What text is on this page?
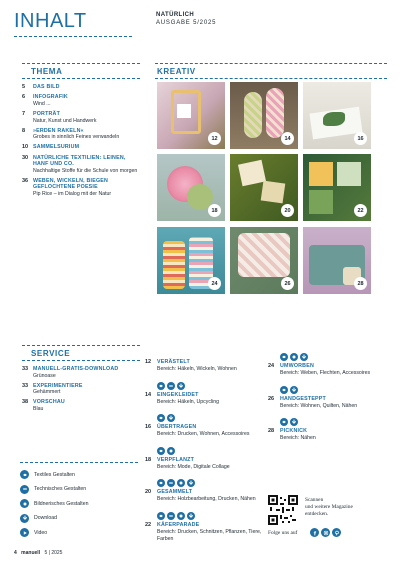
INHALT	NATÜRLICH
AUSGABE 5/2025
THEMA
5	DAS BILD
6	INFOGRAFIK
Wind ...
7	PORTRÄT
Natur, Kunst und Handwerk
8	»ERDEN RAKELN«
Grobes in sinnlich Feines verwandeln
10 SAMMELSURIUM
30 NATÜRLICHE TEXTILIEN: LEINEN, HANF UND CO.
Nachhaltige Stoffe für die Schule von morgen
36 WEBEN, WICKELN, BIEGEN GEFLOCHTENE POESIE
Pip Rice – im Dialog mit der Natur
SERVICE
33 MANUELL-GRATIS-DOWNLOAD
Grünoase
33 EXPERIMENTIERE
Gehämmert
38 VORSCHAU
Blau
KREATIV
12	14	16
18	20	22
24	26	28
12	VERÄSTELT
Bereich: Häkeln, Wickeln, Wohnen
14	EINGEKLEIDET
Bereich: Häkeln, Upcycling
16	ÜBERTRAGEN
Bereich: Drucken, Wohnen, Accessoires
18	VERPFLANZT
Bereich: Mode, Digitale Collage
20	GESAMMELT
Bereich: Holzbearbeitung, Drucken, Nähen
22	KÄFERPARADE
Bereich: Drucken, Schnitzen, Pflanzen, Tiere, Farben
24	UMWORBEN
Bereich: Weben, Flechten, Accessoires
26	HANDGESTEPPT
Bereich: Wohnen, Quilten, Nähen
28	PICKNICK
Bereich: Nähen
Textiles Gestalten
Technisches Gestalten
Bildnerisches Gestalten
Download
Video
Scannen
und weitere Magazine
entdecken.
Folge uns auf
4 manuell 5 | 2025
